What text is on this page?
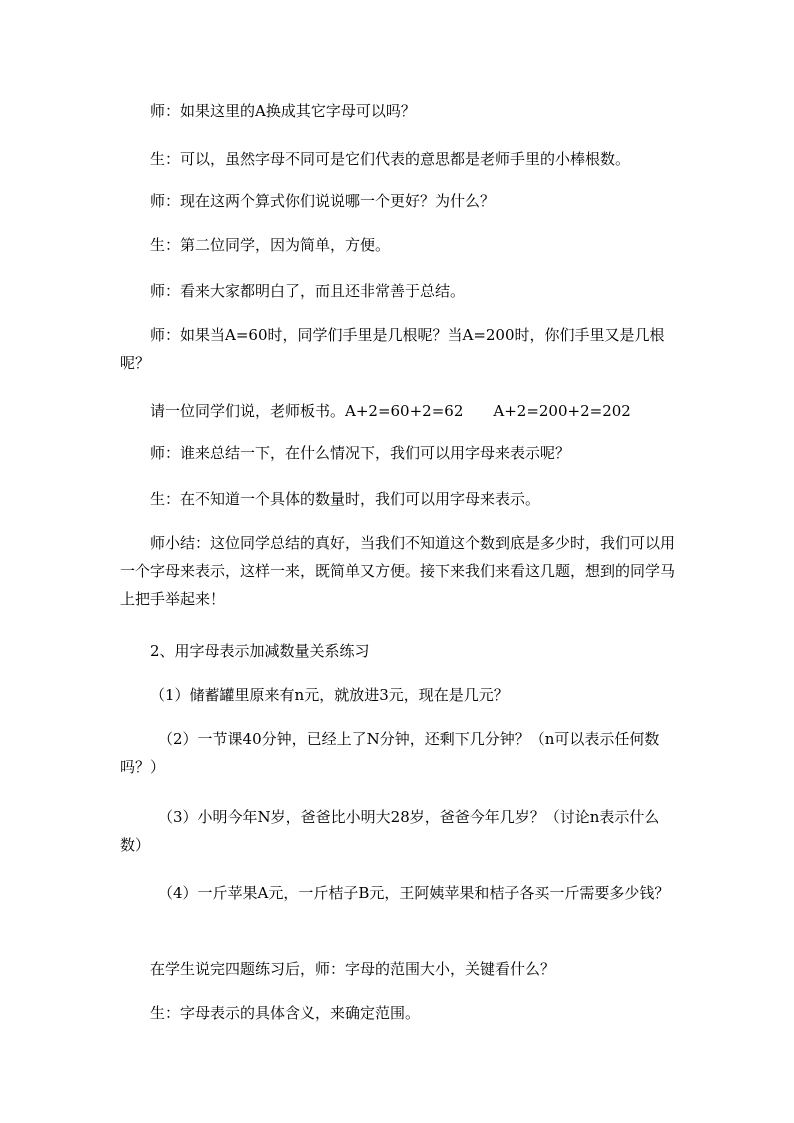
师：如果这里的A换成其它字母可以吗？

生：可以，虽然字母不同可是它们代表的意思都是老师手里的小棒根数。

师：现在这两个算式你们说说哪一个更好？为什么？

生：第二位同学，因为简单，方便。

师：看来大家都明白了，而且还非常善于总结。

师：如果当A=60时，同学们手里是几根呢？当A=200时，你们手里又是几根呢？

请一位同学们说，老师板书。A+2=60+2=62　　A+2=200+2=202

师：谁来总结一下，在什么情况下，我们可以用字母来表示呢？

生：在不知道一个具体的数量时，我们可以用字母来表示。

师小结：这位同学总结的真好，当我们不知道这个数到底是多少时，我们可以用一个字母来表示，这样一来，既简单又方便。接下来我们来看这几题，想到的同学马上把手举起来！

2、用字母表示加减数量关系练习

（1）储蓄罐里原来有n元，就放进3元，现在是几元？

（2）一节课40分钟，已经上了N分钟，还剩下几分钟？（n可以表示任何数吗？）

（3）小明今年N岁，爸爸比小明大28岁，爸爸今年几岁？（讨论n表示什么数）

（4）一斤苹果A元，一斤桔子B元，王阿姨苹果和桔子各买一斤需要多少钱？

在学生说完四题练习后，师：字母的范围大小，关键看什么？

生：字母表示的具体含义，来确定范围。
